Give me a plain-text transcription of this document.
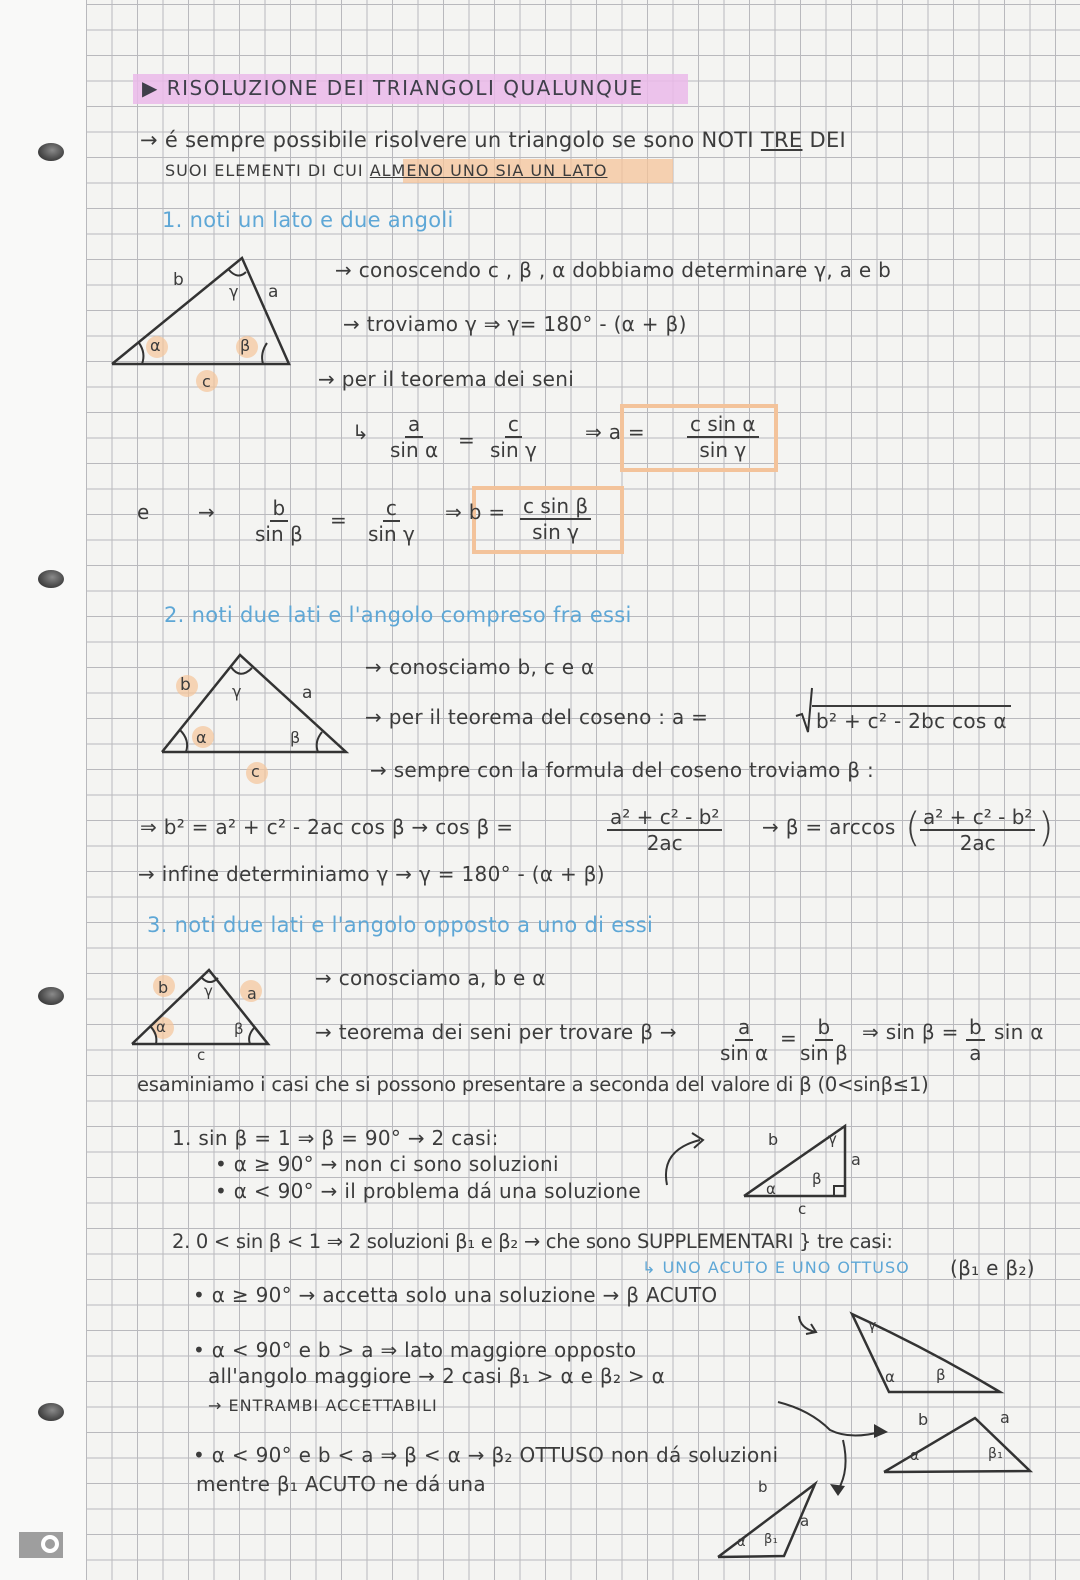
▶ RISOLUZIONE DEI TRIANGOLI QUALUNQUE
→ é sempre possibile risolvere un triangolo se sono NOTI TRE DEI
SUOI ELEMENTI DI CUI ALMENO UNO SIA UN LATO
1. noti un lato e due angoli
b
γ a
α	β
c
→ conoscendo c , β , α dobbiamo determinare γ, a e b
→ troviamo γ ⇒ γ= 180° - (α + β)
→ per il teorema dei seni
↳ $\frac{a}{\text{sin α}} = \frac{c}{\text{sin γ}}$ ⇒ $a = \frac{\text{c sin α}}{\text{sin γ}}$
$e \to \frac{b}{\text{sin β}} = \frac{c}{\text{sin γ}}$ ⇒ $b = \frac{\text{c sin β}}{\text{sin γ}}$
2. noti due lati e l'angolo compreso fra essi
b	γ	a
α	β
c
→ conosciamo b, c e α
→ per il teorema del coseno : a =	b² + c² - 2bc cos α
→ sempre con la formula del coseno troviamo β :
⇒ b² = a² + c² - 2ac cos β → cos β =	$\frac{\text{a² + c² - b²}}{2ac} \to \beta = \arccos$ ( $\frac{\text{a² + c² - b²}}{2ac}$ )
→ infine determiniamo γ → γ = 180° - (α + β)
3. noti due lati e l'angolo opposto a uno di essi
b γ a
α	β
c
→ conosciamo a, b e α
→ teorema dei seni per trovare $\beta \to \frac{a}{\text{sin α}} = \frac{b}{\text{sin β}}$ ⇒ $\sin \beta = \frac{b}{a}$ sin α
esaminiamo i casi che si possono presentare a seconda del valore di β (0<sinβ≤1)
1. sin β = 1 ⇒ β = 90° → 2 casi:
• α ≥ 90° → non ci sono soluzioni
• α < 90° → il problema dá una soluzione
b	γ
a
β
α
c
2. 0 < sin β < 1 ⇒ 2 soluzioni β₁ e β₂ → che sono SUPPLEMENTARI } tre casi:
↳ UNO ACUTO E UNO OTTUSO (β₁ e β₂)
• α ≥ 90° → accetta solo una soluzione → β ACUTO
γ
α	β
• α < 90° e b > a ⇒ lato maggiore opposto
all'angolo maggiore → 2 casi β₁ > α e β₂ > α
→ ENTRAMBI ACCETTABILI
b	a
α	β₁
• α < 90° e b < a ⇒ β < α → β₂ OTTUSO non dá soluzioni
mentre β₁ ACUTO ne dá una	b
a
α β₁
